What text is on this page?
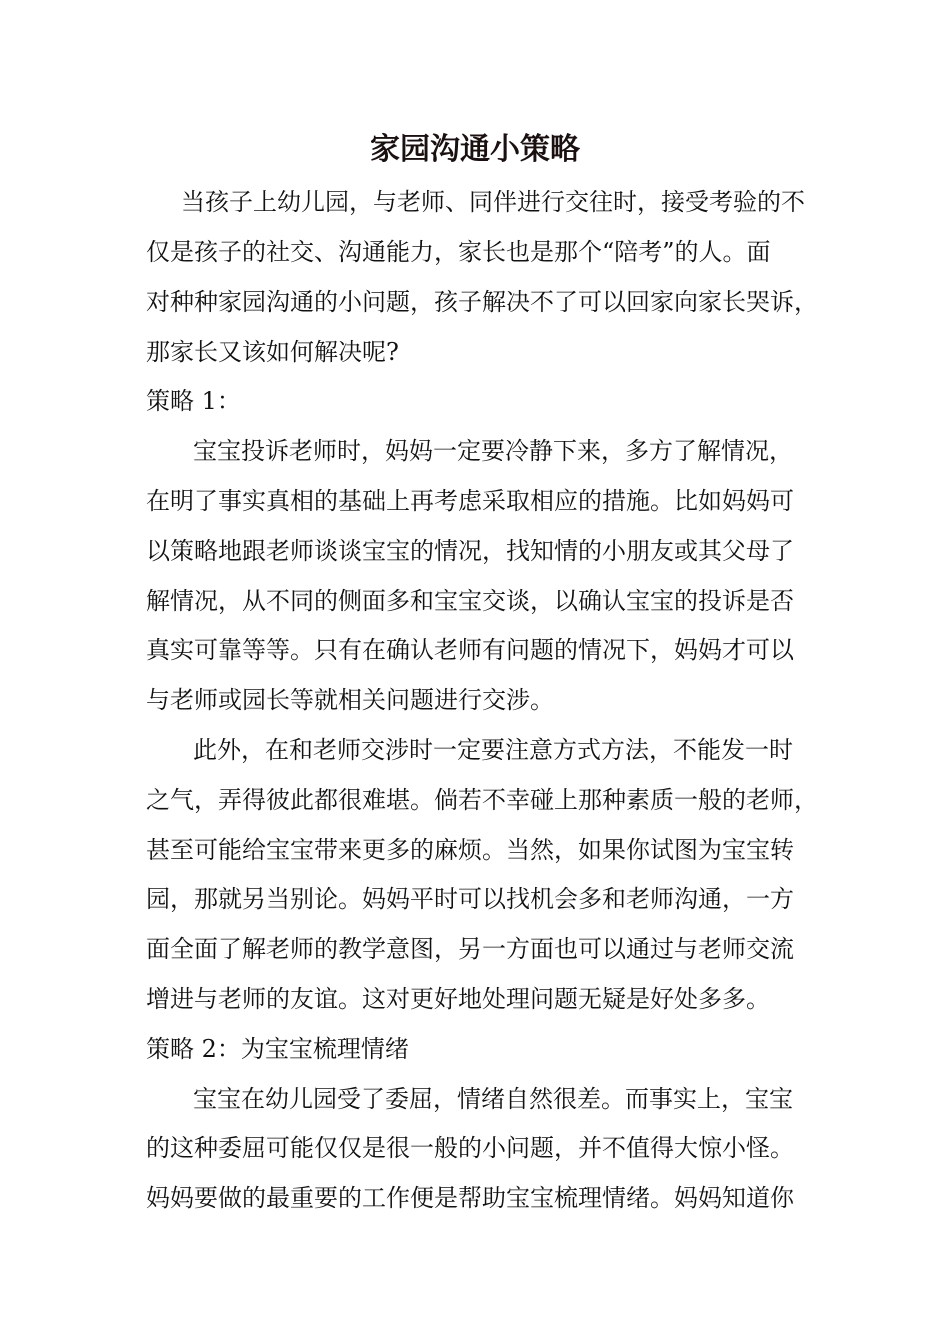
家园沟通小策略
当孩子上幼儿园，与老师、同伴进行交往时，接受考验的不
仅是孩子的社交、沟通能力，家长也是那个“陪考”的人。面
对种种家园沟通的小问题，孩子解决不了可以回家向家长哭诉，
那家长又该如何解决呢?
策略 1：
宝宝投诉老师时，妈妈一定要冷静下来，多方了解情况，
在明了事实真相的基础上再考虑采取相应的措施。比如妈妈可
以策略地跟老师谈谈宝宝的情况，找知情的小朋友或其父母了
解情况，从不同的侧面多和宝宝交谈，以确认宝宝的投诉是否
真实可靠等等。只有在确认老师有问题的情况下，妈妈才可以
与老师或园长等就相关问题进行交涉。
此外，在和老师交涉时一定要注意方式方法，不能发一时
之气，弄得彼此都很难堪。倘若不幸碰上那种素质一般的老师，
甚至可能给宝宝带来更多的麻烦。当然，如果你试图为宝宝转
园，那就另当别论。妈妈平时可以找机会多和老师沟通，一方
面全面了解老师的教学意图，另一方面也可以通过与老师交流
增进与老师的友谊。这对更好地处理问题无疑是好处多多。
策略 2：为宝宝梳理情绪
宝宝在幼儿园受了委屈，情绪自然很差。而事实上，宝宝
的这种委屈可能仅仅是很一般的小问题，并不值得大惊小怪。
妈妈要做的最重要的工作便是帮助宝宝梳理情绪。妈妈知道你
